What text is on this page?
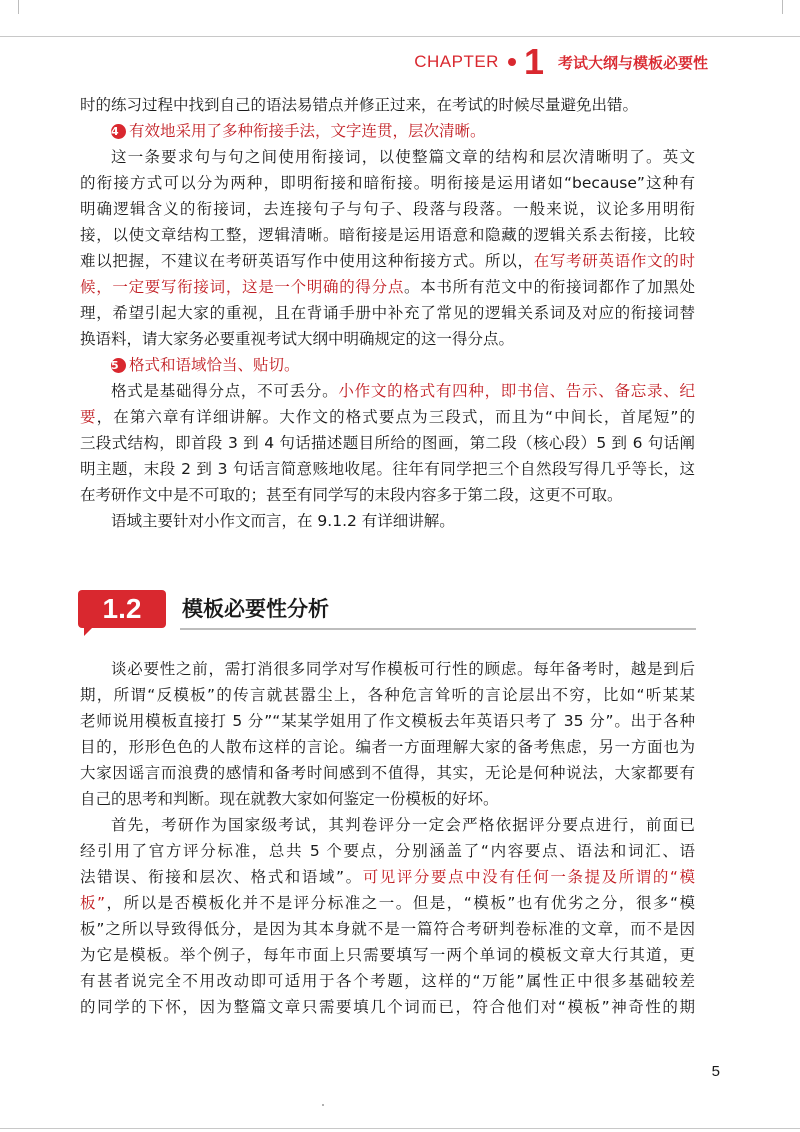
CHAPTER 1 考试大纲与模板必要性

时的练习过程中找到自己的语法易错点并修正过来，在考试的时候尽量避免出错。

4 有效地采用了多种衔接手法，文字连贯，层次清晰。

这一条要求句与句之间使用衔接词，以使整篇文章的结构和层次清晰明了。英文

的衔接方式可以分为两种，即明衔接和暗衔接。明衔接是运用诸如“because”这种有

明确逻辑含义的衔接词，去连接句子与句子、段落与段落。一般来说，议论多用明衔

接，以使文章结构工整，逻辑清晰。暗衔接是运用语意和隐藏的逻辑关系去衔接，比较

难以把握，不建议在考研英语写作中使用这种衔接方式。所以，在写考研英语作文的时

候，一定要写衔接词，这是一个明确的得分点。本书所有范文中的衔接词都作了加黑处

理，希望引起大家的重视，且在背诵手册中补充了常见的逻辑关系词及对应的衔接词替

换语料，请大家务必要重视考试大纲中明确规定的这一得分点。

5 格式和语域恰当、贴切。

格式是基础得分点，不可丢分。小作文的格式有四种，即书信、告示、备忘录、纪

要，在第六章有详细讲解。大作文的格式要点为三段式，而且为“中间长，首尾短”的

三段式结构，即首段 3 到 4 句话描述题目所给的图画，第二段（核心段）5 到 6 句话阐

明主题，末段 2 到 3 句话言简意赅地收尾。往年有同学把三个自然段写得几乎等长，这

在考研作文中是不可取的；甚至有同学写的末段内容多于第二段，这更不可取。

语域主要针对小作文而言，在 9.1.2 有详细讲解。

1.2	模板必要性分析

谈必要性之前，需打消很多同学对写作模板可行性的顾虑。每年备考时，越是到后

期，所谓“反模板”的传言就甚嚣尘上，各种危言耸听的言论层出不穷，比如“听某某

老师说用模板直接打 5 分”“某某学姐用了作文模板去年英语只考了 35 分”。出于各种

目的，形形色色的人散布这样的言论。编者一方面理解大家的备考焦虑，另一方面也为

大家因谣言而浪费的感情和备考时间感到不值得，其实，无论是何种说法，大家都要有

自己的思考和判断。现在就教大家如何鉴定一份模板的好坏。

首先，考研作为国家级考试，其判卷评分一定会严格依据评分要点进行，前面已

经引用了官方评分标准，总共 5 个要点，分别涵盖了“内容要点、语法和词汇、语

法错误、衔接和层次、格式和语域”。可见评分要点中没有任何一条提及所谓的“模

板”，所以是否模板化并不是评分标准之一。但是，“模板”也有优劣之分，很多“模

板”之所以导致得低分，是因为其本身就不是一篇符合考研判卷标准的文章，而不是因

为它是模板。举个例子，每年市面上只需要填写一两个单词的模板文章大行其道，更

有甚者说完全不用改动即可适用于各个考题，这样的“万能”属性正中很多基础较差

的同学的下怀，因为整篇文章只需要填几个词而已，符合他们对“模板”神奇性的期

5
